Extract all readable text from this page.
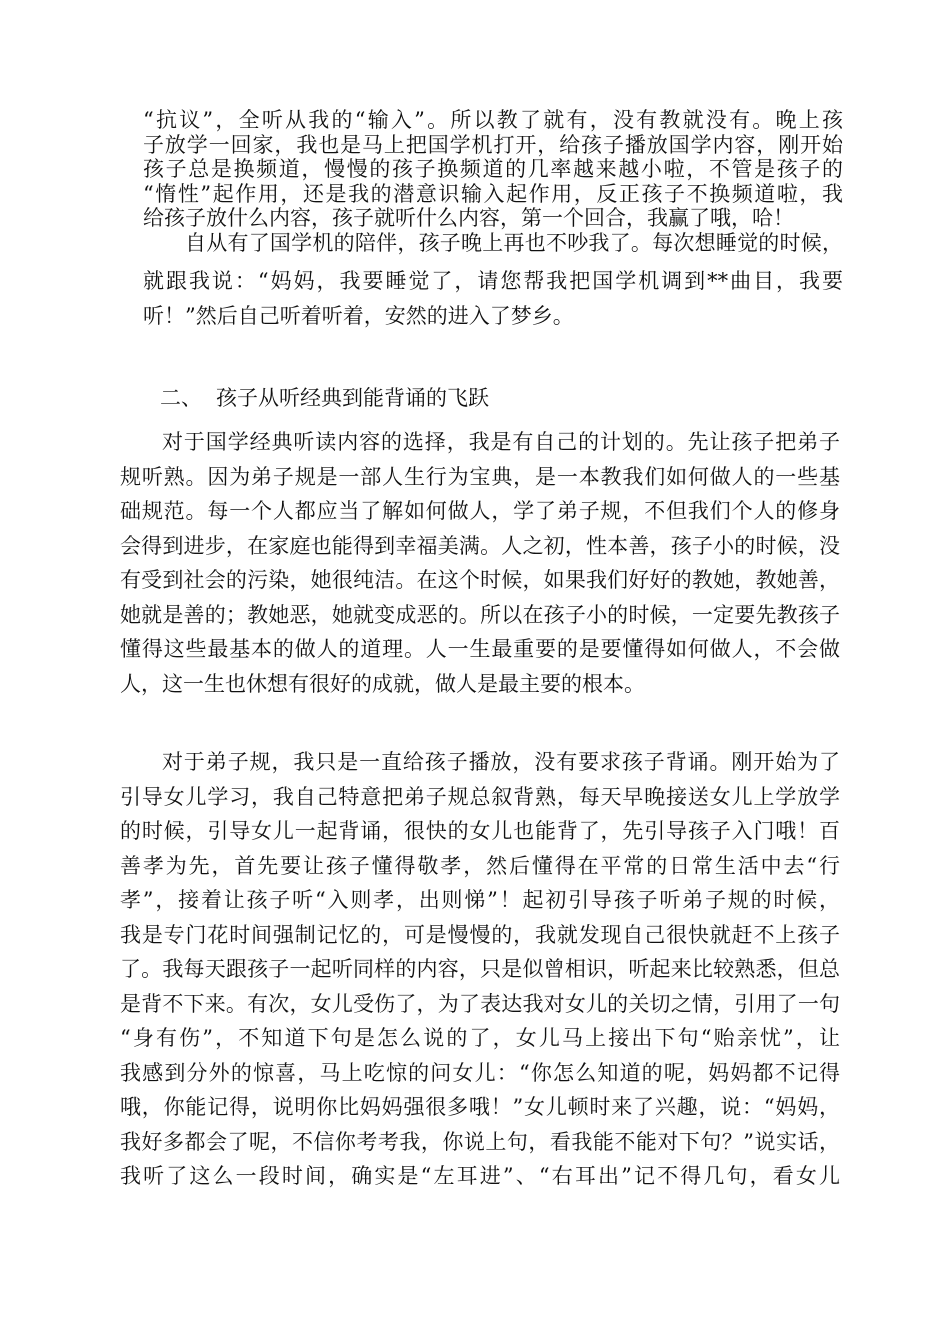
“抗议”，全听从我的“输入”。所以教了就有，没有教就没有。晚上孩
子放学一回家，我也是马上把国学机打开，给孩子播放国学内容，刚开始
孩子总是换频道，慢慢的孩子换频道的几率越来越小啦，不管是孩子的
“惰性”起作用，还是我的潜意识输入起作用，反正孩子不换频道啦，我
给孩子放什么内容，孩子就听什么内容，第一个回合，我赢了哦，哈！
自从有了国学机的陪伴，孩子晚上再也不吵我了。每次想睡觉的时候，
就跟我说：“妈妈，我要睡觉了，请您帮我把国学机调到**曲目，我要
听！”然后自己听着听着，安然的进入了梦乡。
二、 孩子从听经典到能背诵的飞跃
对于国学经典听读内容的选择，我是有自己的计划的。先让孩子把弟子
规听熟。因为弟子规是一部人生行为宝典，是一本教我们如何做人的一些基
础规范。每一个人都应当了解如何做人，学了弟子规，不但我们个人的修身
会得到进步，在家庭也能得到幸福美满。人之初，性本善，孩子小的时候，没
有受到社会的污染，她很纯洁。在这个时候，如果我们好好的教她，教她善，
她就是善的；教她恶，她就变成恶的。所以在孩子小的时候，一定要先教孩子
懂得这些最基本的做人的道理。人一生最重要的是要懂得如何做人，不会做
人，这一生也休想有很好的成就，做人是最主要的根本。
对于弟子规，我只是一直给孩子播放，没有要求孩子背诵。刚开始为了
引导女儿学习，我自己特意把弟子规总叙背熟，每天早晚接送女儿上学放学
的时候，引导女儿一起背诵，很快的女儿也能背了，先引导孩子入门哦！百
善孝为先，首先要让孩子懂得敬孝，然后懂得在平常的日常生活中去“行
孝”，接着让孩子听“入则孝，出则悌”！起初引导孩子听弟子规的时候，
我是专门花时间强制记忆的，可是慢慢的，我就发现自己很快就赶不上孩子
了。我每天跟孩子一起听同样的内容，只是似曾相识，听起来比较熟悉，但总
是背不下来。有次，女儿受伤了，为了表达我对女儿的关切之情，引用了一句
“身有伤”，不知道下句是怎么说的了，女儿马上接出下句“贻亲忧”，让
我感到分外的惊喜，马上吃惊的问女儿：“你怎么知道的呢，妈妈都不记得
哦，你能记得，说明你比妈妈强很多哦！”女儿顿时来了兴趣，说：“妈妈，
我好多都会了呢，不信你考考我，你说上句，看我能不能对下句？”说实话，
我听了这么一段时间，确实是“左耳进”、“右耳出”记不得几句，看女儿
